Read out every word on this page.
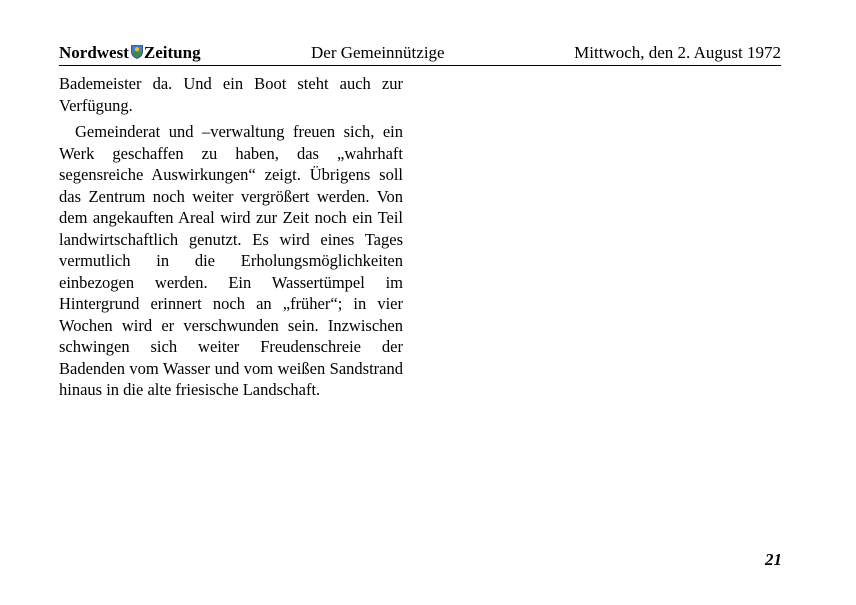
Nordwest Zeitung	Der Gemeinnützige	Mittwoch, den 2. August 1972

Bademeister da. Und ein Boot steht auch zur Verfügung.

Gemeinderat und –verwaltung freuen sich, ein Werk geschaffen zu haben, das „wahrhaft segensreiche Auswirkungen“ zeigt. Übrigens soll das Zentrum noch weiter vergrößert werden. Von dem angekauften Areal wird zur Zeit noch ein Teil landwirtschaftlich genutzt. Es wird eines Tages vermutlich in die Erholungsmöglichkeiten einbezogen werden. Ein Wassertümpel im Hintergrund erinnert noch an „früher“; in vier Wochen wird er verschwunden sein. Inzwischen schwingen sich weiter Freudenschreie der Badenden vom Wasser und vom weißen Sandstrand hinaus in die alte friesische Landschaft.

21
